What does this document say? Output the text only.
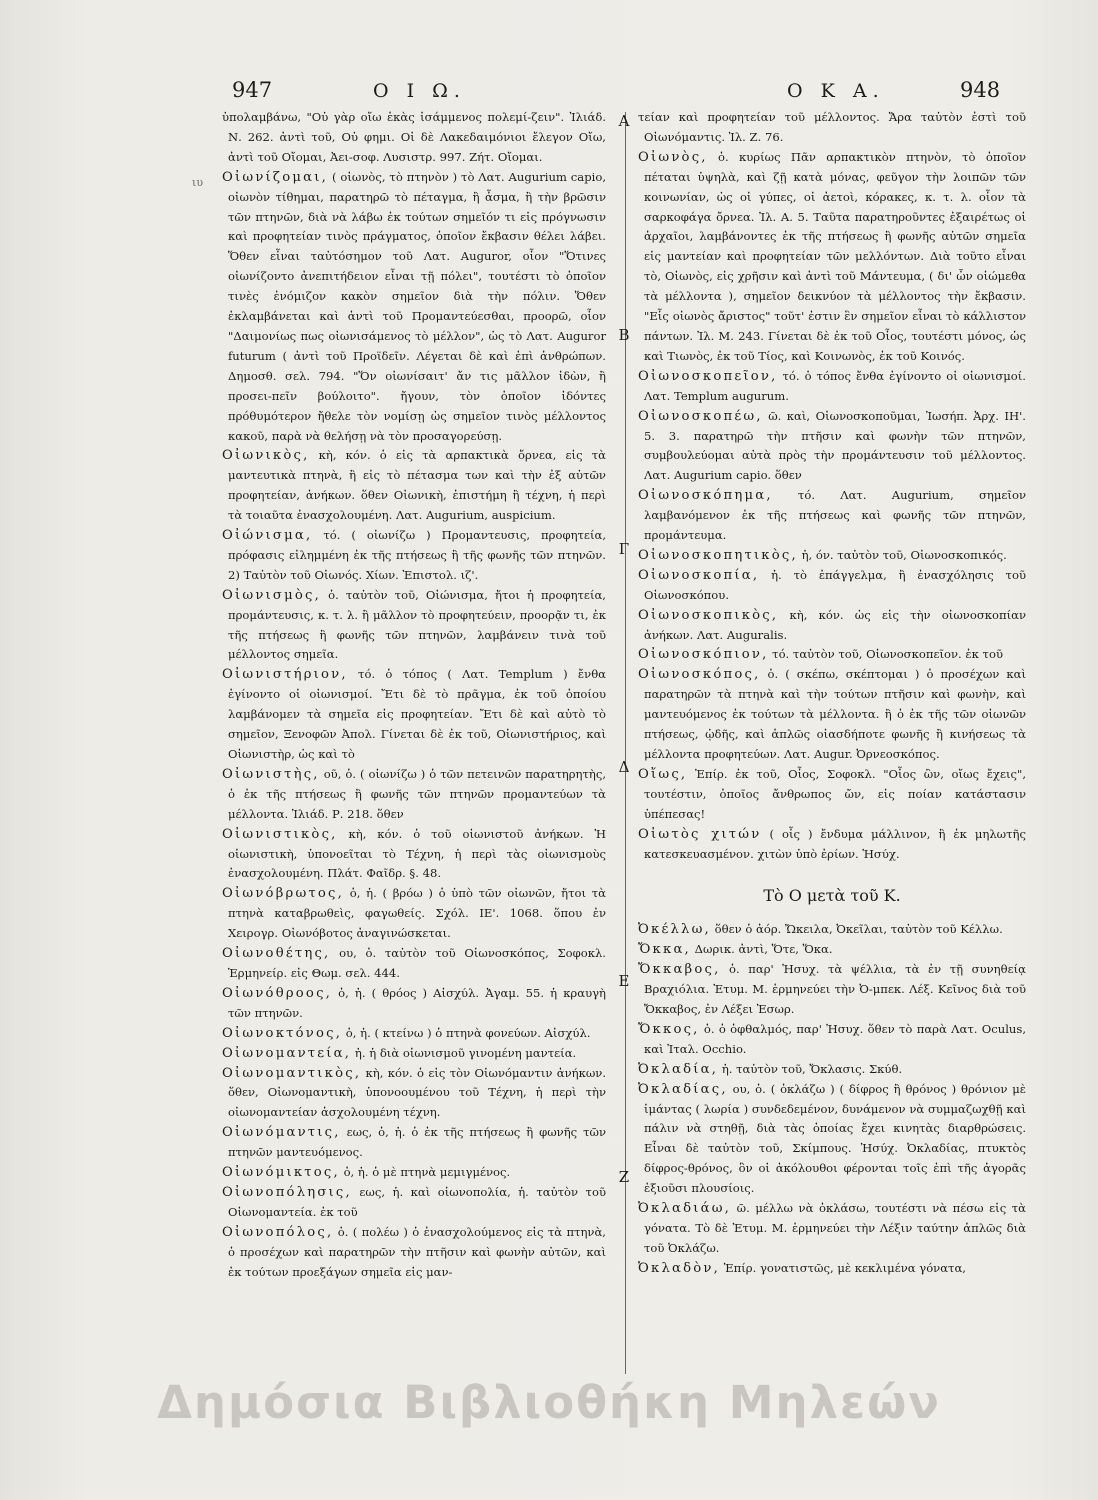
947	Ο Ι Ω.	Ο Κ Α.	948
ιυ

ὑπολαμβάνω, "Οὐ γὰρ οἴω ἑκὰς ἰσάμμενος πολεμί-ζειν". Ἰλιάδ. Ν. 262. ἀντὶ τοῦ, Οὐ φημι. Οἱ δὲ Λακεδαιμόνιοι ἔλεγον Οἴω, ἀντὶ τοῦ Οἴομαι, Ἀει-σοφ. Λυσιστρ. 997. Ζήτ. Οἴομαι.

Οἰωνίζομαι, ( οἰωνὸς, τὸ πτηνὸν ) τὸ Λατ. Augurium capio, οἰωνὸν τίθημαι, παρατηρῶ τὸ πέταγμα, ἢ ἆσμα, ἢ τὴν βρῶσιν τῶν πτηνῶν, διὰ νὰ λάβω ἐκ τούτων σημεῖόν τι εἰς πρόγνωσιν καὶ προφητείαν τινὸς πράγματος, ὁποῖον ἔκβασιν θέλει λάβει. Ὅθεν εἶναι ταὐτόσημον τοῦ Λατ. Auguror, οἷον "Ὅτινες οἰωνίζοντο ἀνεπιτήδειον εἶναι τῇ πόλει", τουτέστι τὸ ὁποῖον τινὲς ἐνόμιζον κακὸν σημεῖον διὰ τὴν πόλιν. Ὅθεν ἐκλαμβάνεται καὶ ἀντὶ τοῦ Προμαντεύεσθαι, προορῶ, οἷον "Δαιμονίως πως οἰωνισάμενος τὸ μέλλον", ὡς τὸ Λατ. Auguror futurum ( ἀντὶ τοῦ Προϊδεῖν. Λέγεται δὲ καὶ ἐπὶ ἀνθρώπων. Δημοσθ. σελ. 794. "Ὅν οἰωνίσαιτ' ἄν τις μᾶλλον ἰδὼν, ἢ προσει-πεῖν βούλοιτο". ἤγουν, τὸν ὁποῖον ἰδόντες πρόθυμότερον ἤθελε τὸν νομίσῃ ὡς σημεῖον τινὸς μέλλοντος κακοῦ, παρὰ νὰ θελήσῃ νὰ τὸν προσαγορεύσῃ.

Οἰωνικὸς, κὴ, κόν. ὁ εἰς τὰ αρπακτικὰ ὄρνεα, εἰς τὰ μαντευτικὰ πτηνὰ, ἢ εἰς τὸ πέτασμα των καὶ τὴν ἐξ αὐτῶν προφητείαν, ἀνήκων. ὅθεν Οἰωνικὴ, ἐπιστήμη ἢ τέχνη, ἡ περὶ τὰ τοιαῦτα ἐνασχολουμένη. Λατ. Augurium, auspicium.

Οἰώνισμα, τό. ( οἰωνίζω ) Προμαντευσις, προφητεία, πρόφασις εἰλημμένη ἐκ τῆς πτήσεως ἢ τῆς φωνῆς τῶν πτηνῶν. 2) Ταὐτὸν τοῦ Οἰωνός. Χίων. Ἐπιστολ. ιζ'.

Οἰωνισμὸς, ὁ. ταὐτὸν τοῦ, Οἰώνισμα, ἤτοι ἡ προφητεία, προμάντευσις, κ. τ. λ. ἢ μᾶλλον τὸ προφητεύειν, προορᾷν τι, ἐκ τῆς πτήσεως ἢ φωνῆς τῶν πτηνῶν, λαμβάνειν τινὰ τοῦ μέλλοντος σημεῖα.

Οἰωνιστήριον, τό. ὁ τόπος ( Λατ. Templum ) ἔνθα ἐγίνοντο οἱ οἰωνισμοί. Ἔτι δὲ τὸ πρᾶγμα, ἐκ τοῦ ὁποίου λαμβάνομεν τὰ σημεῖα εἰς προφητείαν. Ἔτι δὲ καὶ αὐτὸ τὸ σημεῖον, Ξενοφῶν Ἀπολ. Γίνεται δὲ ἐκ τοῦ, Οἰωνιστήριος, καὶ Οἰωνιστὴρ, ὡς καὶ τὸ

Οἰωνιστὴς, οῦ, ὁ. ( οἰωνίζω ) ὁ τῶν πετεινῶν παρατηρητὴς, ὁ ἐκ τῆς πτήσεως ἢ φωνῆς τῶν πτηνῶν προμαντεύων τὰ μέλλοντα. Ἰλιάδ. Ρ. 218. ὅθεν

Οἰωνιστικὸς, κὴ, κόν. ὁ τοῦ οἰωνιστοῦ ἀνήκων. Ἡ οἰωνιστικὴ, ὑπονοεῖται τὸ Τέχνη, ἡ περὶ τὰς οἰωνισμοὺς ἐνασχολουμένη. Πλάτ. Φαῖδρ. §. 48.

Οἰωνόβρωτος, ὁ, ἡ. ( βρόω ) ὁ ὑπὸ τῶν οἰωνῶν, ἤτοι τὰ πτηνὰ καταβρωθεὶς, φαγωθείς. Σχόλ. ΙΕ'. 1068. ὅπου ἐν Χειρογρ. Οἰωνόβοτος ἀναγινώσκεται.

Οἰωνοθέτης, ου, ὁ. ταὐτὸν τοῦ Οἰωνοσκόπος, Σοφοκλ. Ἑρμηνείρ. εἰς Θωμ. σελ. 444.

Οἰωνόθροος, ὁ, ἡ. ( θρόος ) Αἰσχύλ. Ἀγαμ. 55. ἡ κραυγὴ τῶν πτηνῶν.

Οἰωνοκτόνος, ὁ, ἡ. ( κτείνω ) ὁ πτηνὰ φονεύων. Αἰσχύλ.

Οἰωνομαντεία, ἡ. ἡ διὰ οἰωνισμοῦ γινομένη μαντεία.

Οἰωνομαντικὸς, κὴ, κόν. ὁ εἰς τὸν Οἰωνόμαντιν ἀνήκων. ὅθεν, Οἰωνομαντικὴ, ὑπονοουμένου τοῦ Τέχνη, ἡ περὶ τὴν οἰωνομαντείαν ἀσχολουμένη τέχνη.

Οἰωνόμαντις, εως, ὁ, ἡ. ὁ ἐκ τῆς πτήσεως ἢ φωνῆς τῶν πτηνῶν μαντευόμενος.

Οἰωνόμικτος, ὁ, ἡ. ὁ μὲ πτηνὰ μεμιγμένος.

Οἰωνοπόλησις, εως, ἡ. καὶ οἰωνοπολία, ἡ. ταὐτὸν τοῦ Οἰωνομαντεία. ἐκ τοῦ

Οἰωνοπόλος, ὁ. ( πολέω ) ὁ ἐνασχολούμενος εἰς τὰ πτηνὰ, ὁ προσέχων καὶ παρατηρῶν τὴν πτῆσιν καὶ φωνὴν αὐτῶν, καὶ ἐκ τούτων προεξάγων σημεῖα εἰς μαν-

Α
Β
Γ
Δ
Ε
Ζ

τείαν καὶ προφητείαν τοῦ μέλλοντος. Ἄρα ταὐτὸν ἐστὶ τοῦ Οἰωνόμαντις. Ἰλ. Ζ. 76.

Οἰωνὸς, ὁ. κυρίως Πᾶν αρπακτικὸν πτηνὸν, τὸ ὁποῖον πέταται ὑψηλὰ, καὶ ζῇ κατὰ μόνας, φεῦγον τὴν λοιπῶν τῶν κοινωνίαν, ὡς οἱ γύπες, οἱ ἀετοὶ, κόρακες, κ. τ. λ. οἷον τὰ σαρκοφάγα ὄρνεα. Ἰλ. Α. 5. Ταῦτα παρατηροῦντες ἐξαιρέτως οἱ ἀρχαῖοι, λαμβάνοντες ἐκ τῆς πτήσεως ἢ φωνῆς αὐτῶν σημεῖα εἰς μαντείαν καὶ προφητείαν τῶν μελλόντων. Διὰ τοῦτο εἶναι τὸ, Οἰωνὸς, εἰς χρῆσιν καὶ ἀντὶ τοῦ Μάντευμα, ( δι' ὧν οἰώμεθα τὰ μέλλοντα ), σημεῖον δεικνύον τὰ μέλλοντος τὴν ἔκβασιν. "Εἷς οἰωνὸς ἄριστος" τοῦτ' ἐστιν ἓν σημεῖον εἶναι τὸ κάλλιστον πάντων. Ἰλ. Μ. 243. Γίνεται δὲ ἐκ τοῦ Οἶος, τουτέστι μόνος, ὡς καὶ Τιωνὸς, ἐκ τοῦ Τίος, καὶ Κοινωνὸς, ἐκ τοῦ Κοινός.

Οἰωνοσκοπεῖον, τό. ὁ τόπος ἔνθα ἐγίνοντο οἱ οἰωνισμοί. Λατ. Templum augurum.

Οἰωνοσκοπέω, ῶ. καὶ, Οἰωνοσκοποῦμαι, Ἰωσήπ. Ἀρχ. ΙΗ'. 5. 3. παρατηρῶ τὴν πτῆσιν καὶ φωνὴν τῶν πτηνῶν, συμβουλεύομαι αὐτὰ πρὸς τὴν προμάντευσιν τοῦ μέλλοντος. Λατ. Augurium capio. ὅθεν

Οἰωνοσκόπημα, τό. Λατ. Augurium, σημεῖον λαμβανόμενον ἐκ τῆς πτήσεως καὶ φωνῆς τῶν πτηνῶν, προμάντευμα.

Οἰωνοσκοπητικὸς, ἡ, όν. ταὐτὸν τοῦ, Οἰωνοσκοπικός.

Οἰωνοσκοπία, ἡ. τὸ ἐπάγγελμα, ἢ ἐνασχόλησις τοῦ Οἰωνοσκόπου.

Οἰωνοσκοπικὸς, κὴ, κόν. ὡς εἰς τὴν οἰωνοσκοπίαν ἀνήκων. Λατ. Auguralis.

Οἰωνοσκόπιον, τό. ταὐτὸν τοῦ, Οἰωνοσκοπεῖον. ἐκ τοῦ

Οἰωνοσκόπος, ὁ. ( σκέπω, σκέπτομαι ) ὁ προσέχων καὶ παρατηρῶν τὰ πτηνὰ καὶ τὴν τούτων πτῆσιν καὶ φωνὴν, καὶ μαντευόμενος ἐκ τούτων τὰ μέλλοντα. ἢ ὁ ἐκ τῆς τῶν οἰωνῶν πτήσεως, ᾠδῆς, καὶ ἁπλῶς οἱασδήποτε φωνῆς ἢ κινήσεως τὰ μέλλοντα προφητεύων. Λατ. Augur. Ὀρνεοσκόπος.

Οἴως, Ἐπίρ. ἐκ τοῦ, Οἶος, Σοφοκλ. "Οἷος ὢν, οἴως ἔχεις", τουτέστιν, ὁποῖος ἄνθρωπος ὤν, εἰς ποίαν κατάστασιν ὑπέπεσας!

Οἰωτὸς χιτών ( οἶς ) ἔνδυμα μάλλινον, ἢ ἐκ μηλωτῆς κατεσκευασμένον. χιτὼν ὑπὸ ἐρίων. Ἡσύχ.

Τὸ Ο μετὰ τοῦ Κ.

Ὀκέλλω, ὅθεν ὁ ἀόρ. Ὤκειλα, Ὀκεῖλαι, ταὐτὸν τοῦ Κέλλω.

Ὄκκα, Δωρικ. ἀντὶ, Ὅτε, Ὅκα.

Ὄκκαβος, ὁ. παρ' Ἡσυχ. τὰ ψέλλια, τὰ ἐν τῇ συνηθείᾳ Βραχιόλια. Ἐτυμ. Μ. ἑρμηνεύει τὴν Ὀ-μπεκ. Λέξ. Κεῖνος διὰ τοῦ Ὄκκαβος, ἐν Λέξει Ἐσωρ.

Ὄκκος, ὁ. ὁ ὀφθαλμός, παρ' Ἡσυχ. ὅθεν τὸ παρὰ Λατ. Oculus, καὶ Ἰταλ. Occhio.

Ὀκλαδία, ἡ. ταὐτὸν τοῦ, Ὄκλασις. Σκύθ.

Ὀκλαδίας, ου, ὁ. ( ὀκλάζω ) ( δίφρος ἢ θρόνος ) θρόνιον μὲ ἱμάντας ( λωρία ) συνδεδεμένον, δυνάμενον νὰ συμμαζωχθῇ καὶ πάλιν νὰ στηθῇ, διὰ τὰς ὁποίας ἔχει κινητὰς διαρθρώσεις. Εἶναι δὲ ταὐτὸν τοῦ, Σκίμπους. Ἡσύχ. Ὀκλαδίας, πτυκτὸς δίφρος-θρόνος, ὃν οἱ ἀκόλουθοι φέρονται τοῖς ἐπὶ τῆς ἀγορᾶς ἐξιοῦσι πλουσίοις.

Ὀκλαδιάω, ῶ. μέλλω νὰ ὀκλάσω, τουτέστι νὰ πέσω εἰς τὰ γόνατα. Τὸ δὲ Ἐτυμ. Μ. ἑρμηνεύει τὴν Λέξιν ταύτην ἁπλῶς διὰ τοῦ Ὀκλάζω.

Ὀκλαδὸν, Ἐπίρ. γονατιστῶς, μὲ κεκλιμένα γόνατα,

Δημόσια Βιβλιοθήκη Μηλεών
